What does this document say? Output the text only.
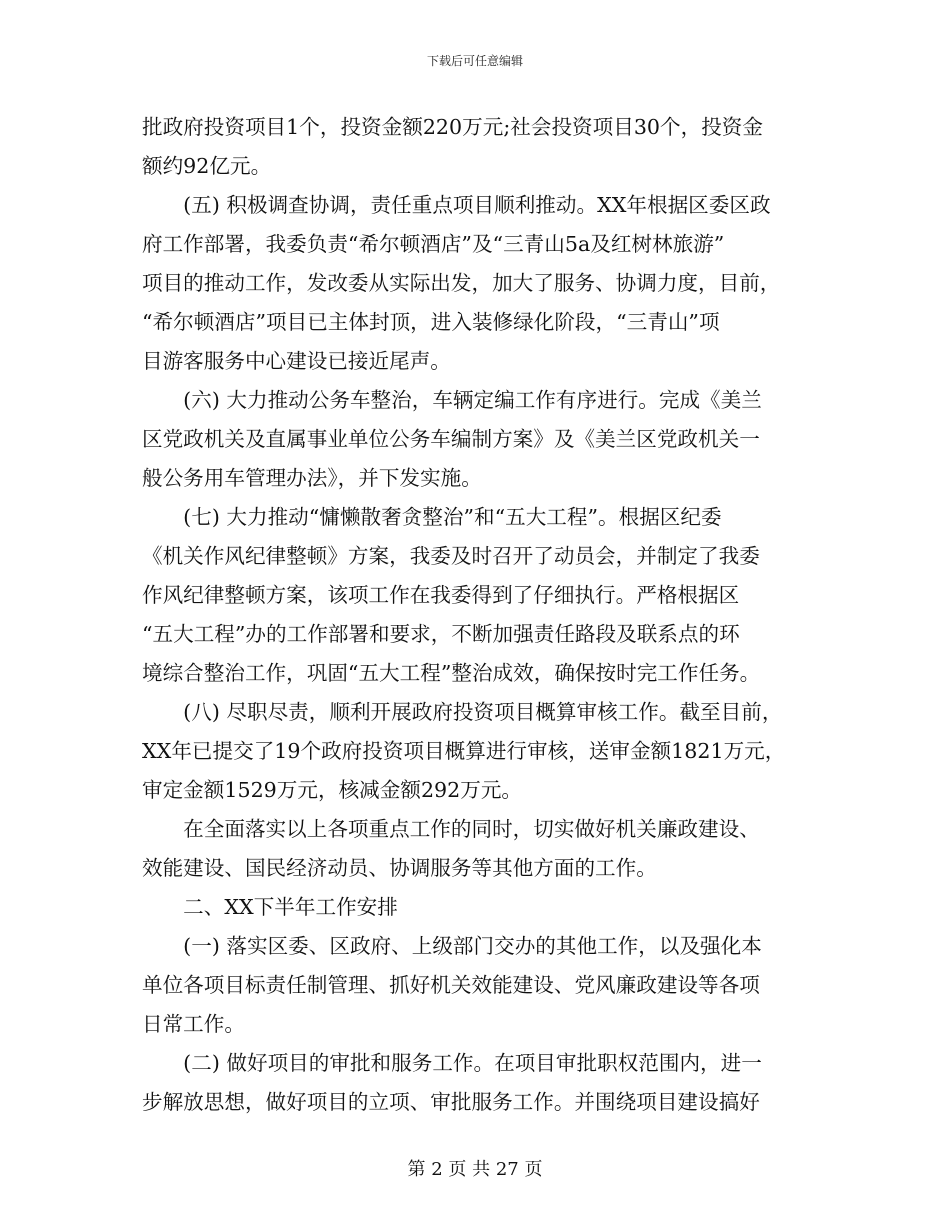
下载后可任意编辑
批政府投资项目1个，投资金额220万元;社会投资项目30个，投资金
额约92亿元。
　　(五) 积极调查协调，责任重点项目顺利推动。XX年根据区委区政
府工作部署，我委负责“希尔顿酒店”及“三青山5a及红树林旅游”
项目的推动工作，发改委从实际出发，加大了服务、协调力度，目前，
“希尔顿酒店”项目已主体封顶，进入装修绿化阶段，“三青山”项
目游客服务中心建设已接近尾声。
　　(六) 大力推动公务车整治，车辆定编工作有序进行。完成《美兰
区党政机关及直属事业单位公务车编制方案》及《美兰区党政机关一
般公务用车管理办法》，并下发实施。
　　(七) 大力推动“慵懒散奢贪整治”和“五大工程”。根据区纪委
《机关作风纪律整顿》方案，我委及时召开了动员会，并制定了我委
作风纪律整顿方案，该项工作在我委得到了仔细执行。严格根据区
“五大工程”办的工作部署和要求，不断加强责任路段及联系点的环
境综合整治工作，巩固“五大工程”整治成效，确保按时完工作任务。
　　(八) 尽职尽责，顺利开展政府投资项目概算审核工作。截至目前，
XX年已提交了19个政府投资项目概算进行审核，送审金额1821万元，
审定金额1529万元，核减金额292万元。
　　在全面落实以上各项重点工作的同时，切实做好机关廉政建设、
效能建设、国民经济动员、协调服务等其他方面的工作。
　　二、XX下半年工作安排
　　(一) 落实区委、区政府、上级部门交办的其他工作，以及强化本
单位各项目标责任制管理、抓好机关效能建设、党风廉政建设等各项
日常工作。
　　(二) 做好项目的审批和服务工作。在项目审批职权范围内，进一
步解放思想，做好项目的立项、审批服务工作。并围绕项目建设搞好
第 2 页 共 27 页
